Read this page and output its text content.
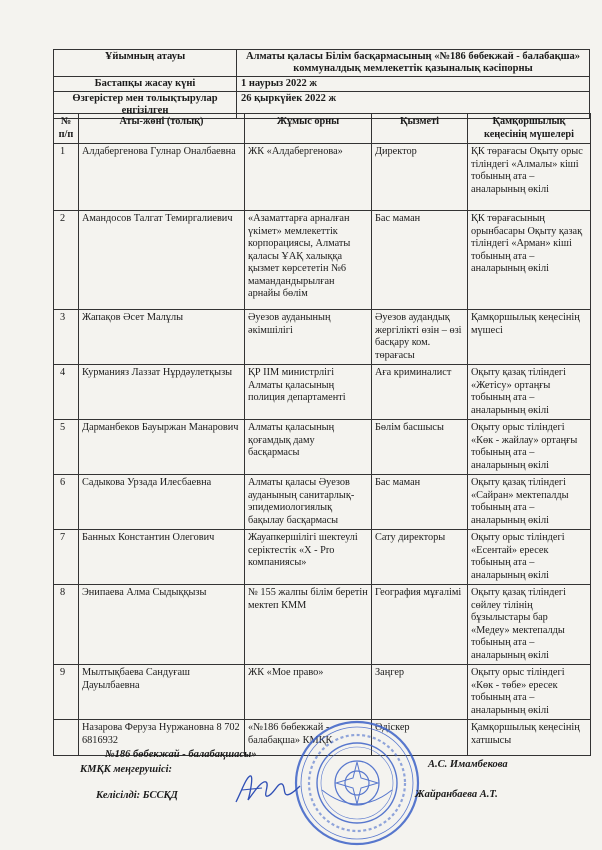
Ұйымның атауы	Алматы қаласы Білім басқармасының «№186 бөбекжай - балабақша» коммуналдық мемлекеттік қазыналық кәсіпорны
Бастапқы жасау күні	1 наурыз 2022 ж
Өзгерістер мен толықтырулар енгізілген	26 қыркүйек 2022 ж
№ п/п	Аты-жөні (толық)	Жұмыс орны	Қызметі	Қамқоршылық кеңесінің мүшелері
1	Алдабергенова Гулнар Оналбаевна	ЖК «Алдабергенова»	Директор	ҚК төрағасы Оқыту орыс тіліндегі «Алмалы» кіші тобының ата – аналарының өкілі
2	Амандосов Талгат Темиргалиевич	«Азаматтарға арналған үкімет» мемлекеттік корпорациясы, Алматы қаласы ҰАҚ халыққа қызмет көрсететін №6 мамандандырылған арнайы бөлім	Бас маман	ҚК төрағасының орынбасары Оқыту қазақ тіліндегі «Арман» кіші тобының ата – аналарының өкілі
3	Жапақов Әсет Малұлы	Әуезов ауданының әкімшілігі	Әуезов аудандық жергілікті өзін – өзі басқару ком. төрағасы	Қамқоршылық кеңесінің мүшесі
4	Курманияз Лаззат Нұрдәулетқызы	ҚР ІІМ министрлігі Алматы қаласының полиция департаменті	Аға криминалист	Оқыту қазақ тіліндегі «Жетісу» ортаңғы тобының ата – аналарының өкілі
5	Дарманбеков Бауыржан Манарович	Алматы қаласының қоғамдық даму басқармасы	Бөлім басшысы	Оқыту орыс тіліндегі «Көк - жайлау» ортаңғы тобының ата – аналарының өкілі
6	Садыкова Урзада Илесбаевна	Алматы қаласы Әуезов ауданының санитарлық-эпидемиологиялық бақылау басқармасы	Бас маман	Оқыту қазақ тіліндегі «Сайран» мектепалды тобының ата – аналарының өкілі
7	Банных Константин Олегович	Жауапкершілігі шектеулі серіктестік «X - Pro компаниясы»	Сату директоры	Оқыту орыс тіліндегі «Есентай» ересек тобының ата – аналарының өкілі
8	Энипаева Алма Сыдыққызы	№ 155 жалпы білім беретін мектеп КММ	География мұғалімі	Оқыту қазақ тіліндегі сөйлеу тілінің бұзылыстары бар «Медеу» мектепалды тобының ата – аналарының өкілі
9	Мылтықбаева Сандуғаш Дауылбаевна	ЖК «Мое право»	Заңгер	Оқыту орыс тіліндегі «Көк - төбе» ересек тобының ата – аналарының өкілі
	Назарова Феруза Нуржановна 8 702 6816932	«№186 бөбекжай - балабақша» КМҚК	Әдіскер	Қамқоршылық кеңесінің хатшысы
№186 бөбекжай - балабақшасы»
КМҚК меңгерушісі:	А.С. Имамбекова
Келісілді: БССҚД	Жайранбаева А.Т.
